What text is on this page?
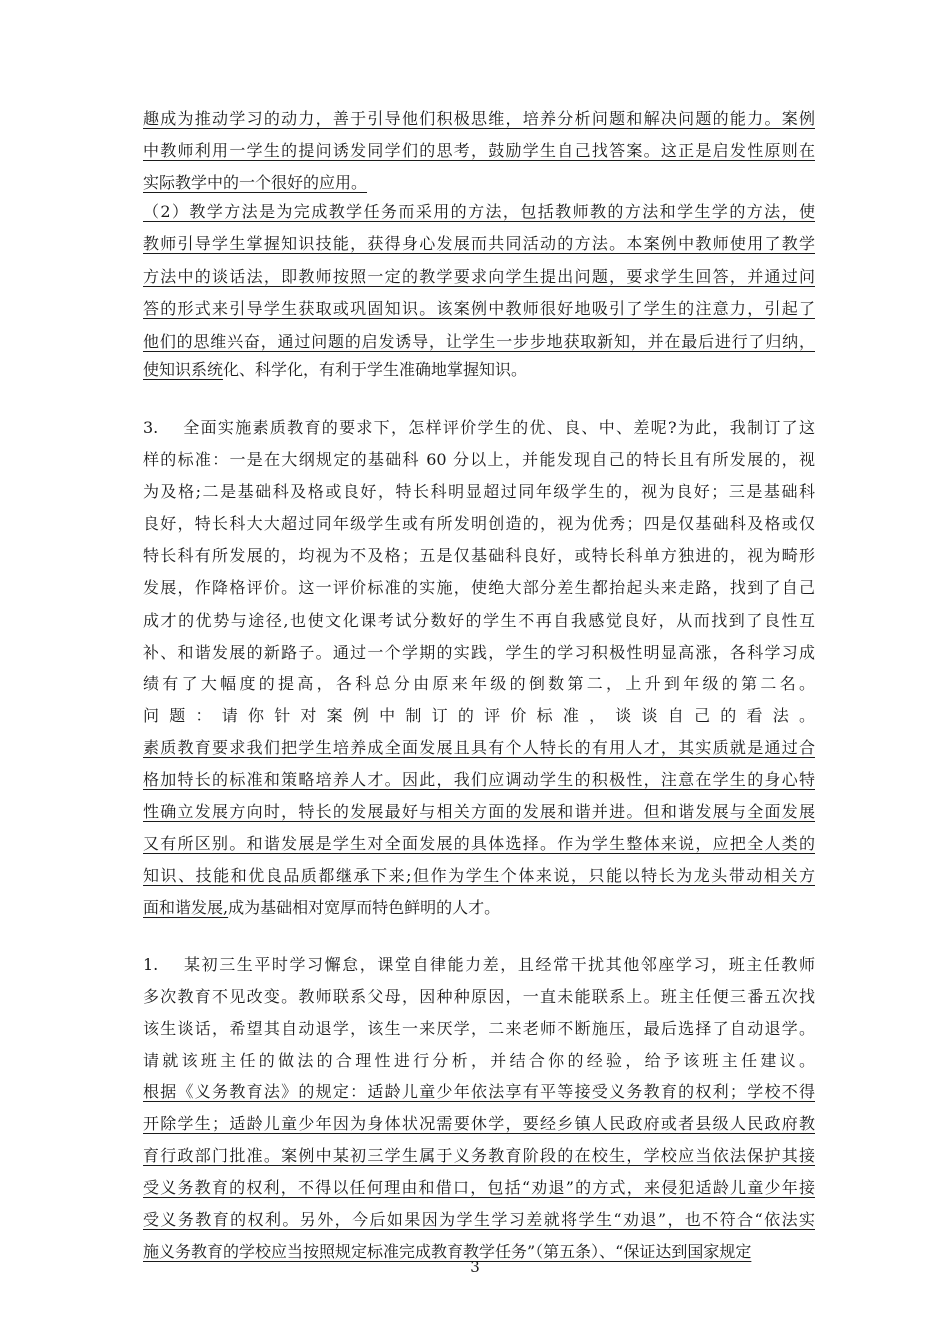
趣成为推动学习的动力，善于引导他们积极思维，培养分析问题和解决问题的能力。案例
中教师利用一学生的提问诱发同学们的思考，鼓励学生自己找答案。这正是启发性原则在
实际教学中的一个很好的应用。
（2）教学方法是为完成教学任务而采用的方法，包括教师教的方法和学生学的方法，使
教师引导学生掌握知识技能，获得身心发展而共同活动的方法。本案例中教师使用了教学
方法中的谈话法，即教师按照一定的教学要求向学生提出问题，要求学生回答，并通过问
答的形式来引导学生获取或巩固知识。该案例中教师很好地吸引了学生的注意力，引起了
他们的思维兴奋，通过问题的启发诱导，让学生一步步地获取新知，并在最后进行了归纳，
使知识系统化、科学化，有利于学生准确地掌握知识。
3.　 全面实施素质教育的要求下，怎样评价学生的优、良、中、差呢?为此，我制订了这
样的标准：一是在大纲规定的基础科 60 分以上，并能发现自己的特长且有所发展的，视
为及格;二是基础科及格或良好，特长科明显超过同年级学生的，视为良好；三是基础科
良好，特长科大大超过同年级学生或有所发明创造的，视为优秀；四是仅基础科及格或仅
特长科有所发展的，均视为不及格；五是仅基础科良好，或特长科单方独进的，视为畸形
发展，作降格评价。这一评价标准的实施，使绝大部分差生都抬起头来走路，找到了自己
成才的优势与途径,也使文化课考试分数好的学生不再自我感觉良好，从而找到了良性互
补、和谐发展的新路子。通过一个学期的实践，学生的学习积极性明显高涨，各科学习成
绩有了大幅度的提高，各科总分由原来年级的倒数第二，上升到年级的第二名。
问题：请你针对案例中制订的评价标准，谈谈自己的看法。
素质教育要求我们把学生培养成全面发展且具有个人特长的有用人才，其实质就是通过合
格加特长的标准和策略培养人才。因此，我们应调动学生的积极性，注意在学生的身心特
性确立发展方向时，特长的发展最好与相关方面的发展和谐并进。但和谐发展与全面发展
又有所区别。和谐发展是学生对全面发展的具体选择。作为学生整体来说，应把全人类的
知识、技能和优良品质都继承下来;但作为学生个体来说，只能以特长为龙头带动相关方
面和谐发展,成为基础相对宽厚而特色鲜明的人才。
1.　 某初三生平时学习懈怠，课堂自律能力差，且经常干扰其他邻座学习，班主任教师
多次教育不见改变。教师联系父母，因种种原因，一直未能联系上。班主任便三番五次找
该生谈话，希望其自动退学，该生一来厌学，二来老师不断施压，最后选择了自动退学。
请就该班主任的做法的合理性进行分析，并结合你的经验，给予该班主任建议。
根据《义务教育法》的规定：适龄儿童少年依法享有平等接受义务教育的权利；学校不得
开除学生；适龄儿童少年因为身体状况需要休学，要经乡镇人民政府或者县级人民政府教
育行政部门批准。案例中某初三学生属于义务教育阶段的在校生，学校应当依法保护其接
受义务教育的权利，不得以任何理由和借口，包括“劝退”的方式，来侵犯适龄儿童少年接
受义务教育的权利。另外，今后如果因为学生学习差就将学生“劝退”，也不符合“依法实
施义务教育的学校应当按照规定标准完成教育教学任务”（第五条）、“保证达到国家规定
3
